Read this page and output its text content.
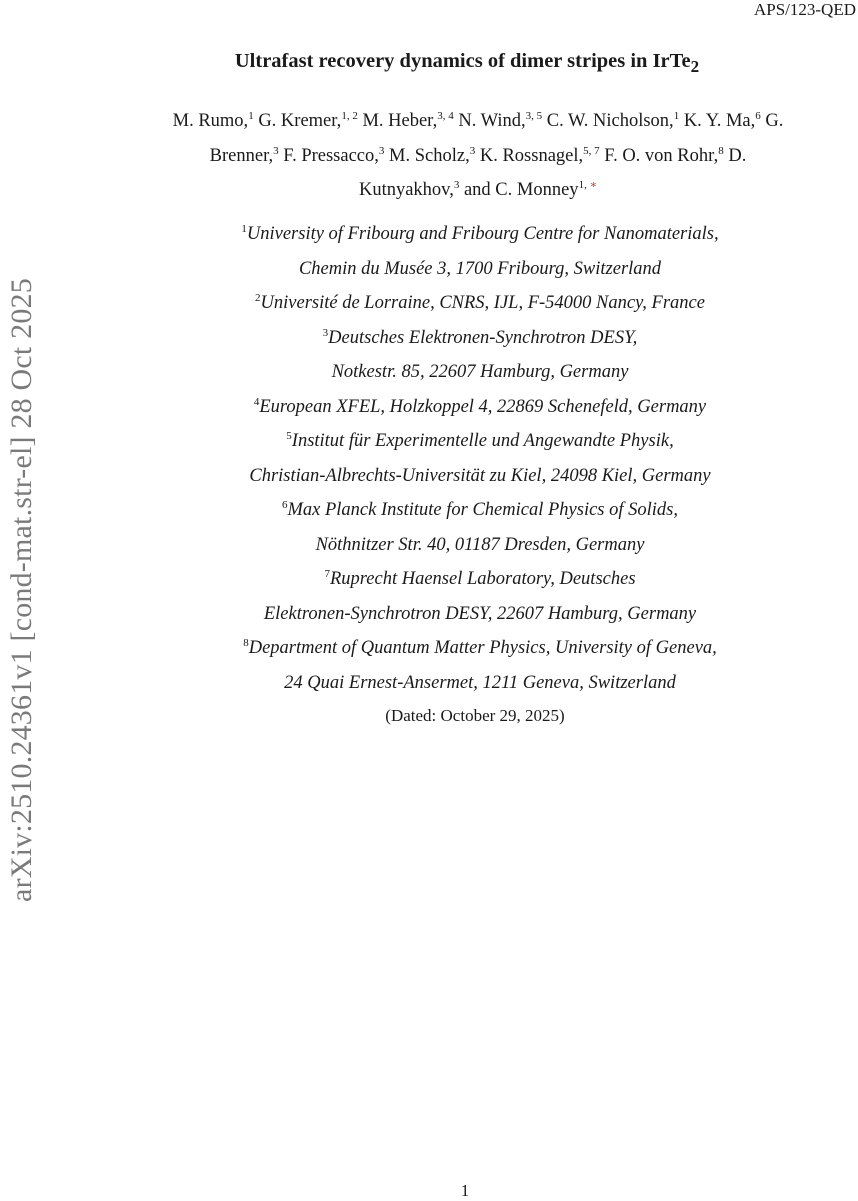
APS/123-QED
arXiv:2510.24361v1 [cond-mat.str-el] 28 Oct 2025
Ultrafast recovery dynamics of dimer stripes in IrTe$_2$
M. Rumo,$^1$ G. Kremer,$^{1, 2}$ M. Heber,$^{3, 4}$ N. Wind,$^{3, 5}$ C. W. Nicholson,$^1$ K. Y. Ma,$^6$ G. Brenner,$^3$ F. Pressacco,$^3$ M. Scholz,$^3$ K. Rossnagel,$^{5, 7}$ F. O. von Rohr,$^8$ D. Kutnyakhov,$^3$ and C. Monney$^{1, ∗}$
$^1$University of Fribourg and Fribourg Centre for Nanomaterials,
Chemin du Musée 3, 1700 Fribourg, Switzerland
$^2$Université de Lorraine, CNRS, IJL, F-54000 Nancy, France
$^3$Deutsches Elektronen-Synchrotron DESY,
Notkestr. 85, 22607 Hamburg, Germany
$^4$European XFEL, Holzkoppel 4, 22869 Schenefeld, Germany
$^5$Institut für Experimentelle und Angewandte Physik,
Christian-Albrechts-Universität zu Kiel, 24098 Kiel, Germany
$^6$Max Planck Institute for Chemical Physics of Solids,
Nöthnitzer Str. 40, 01187 Dresden, Germany
$^7$Ruprecht Haensel Laboratory, Deutsches
Elektronen-Synchrotron DESY, 22607 Hamburg, Germany
$^8$Department of Quantum Matter Physics, University of Geneva,
24 Quai Ernest-Ansermet, 1211 Geneva, Switzerland
(Dated: October 29, 2025)
1
